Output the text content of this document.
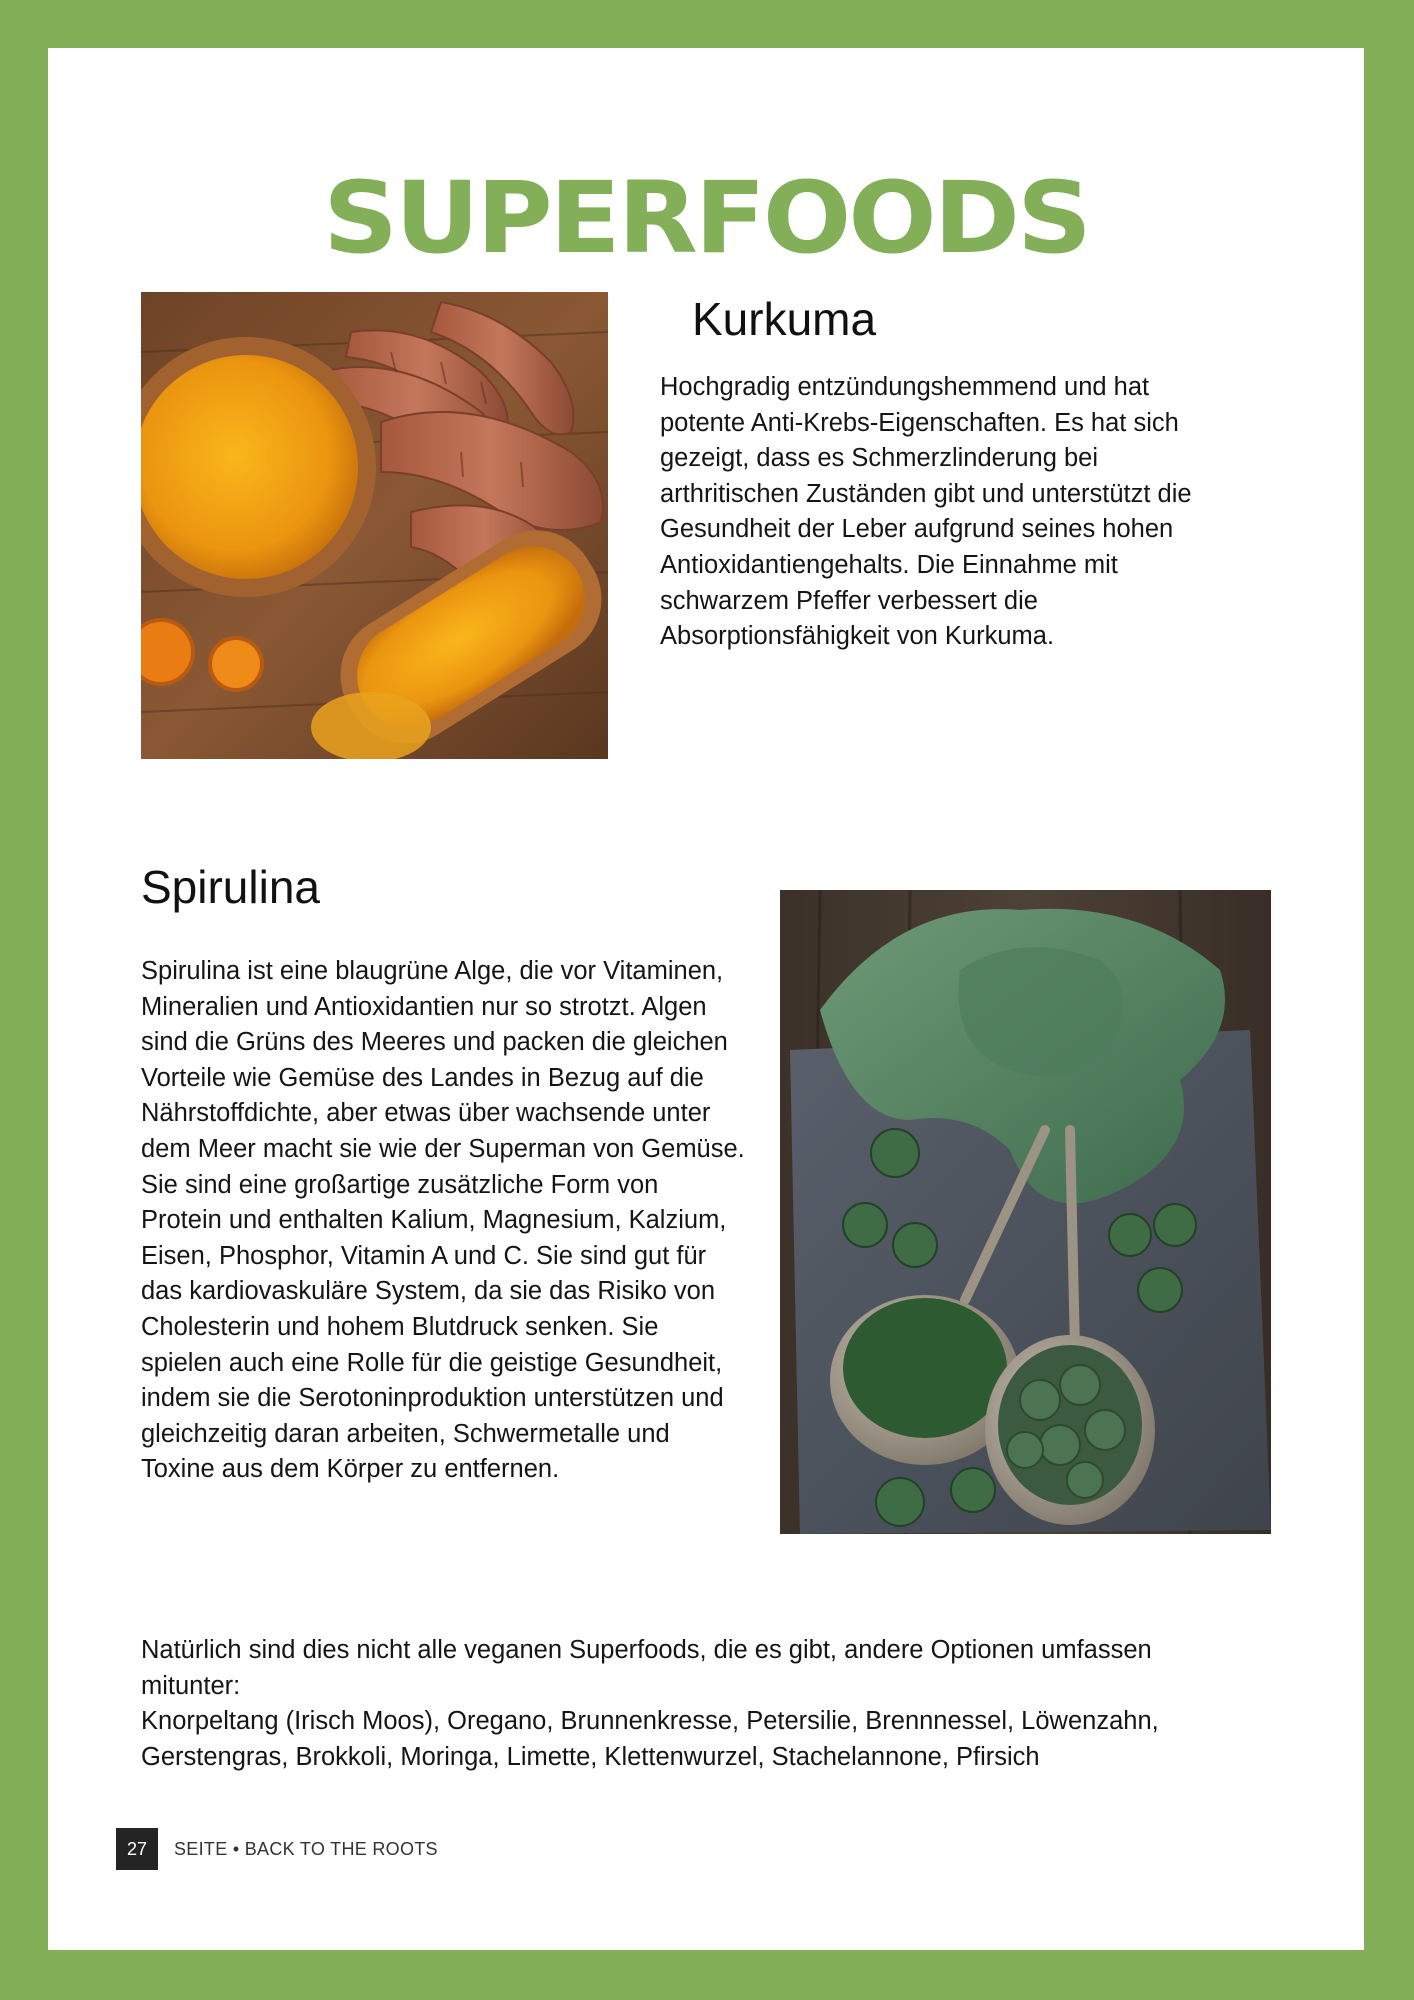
SUPERFOODS
Kurkuma
Hochgradig entzündungshemmend und hat
potente Anti-Krebs-Eigenschaften. Es hat sich
gezeigt, dass es Schmerzlinderung bei
arthritischen Zuständen gibt und unterstützt die
Gesundheit der Leber aufgrund seines hohen
Antioxidantiengehalts. Die Einnahme mit
schwarzem Pfeffer verbessert die
Absorptionsfähigkeit von Kurkuma.
Spirulina
Spirulina ist eine blaugrüne Alge, die vor Vitaminen,
Mineralien und Antioxidantien nur so strotzt. Algen
sind die Grüns des Meeres und packen die gleichen
Vorteile wie Gemüse des Landes in Bezug auf die
Nährstoffdichte, aber etwas über wachsende unter
dem Meer macht sie wie der Superman von Gemüse.
Sie sind eine großartige zusätzliche Form von
Protein und enthalten Kalium, Magnesium, Kalzium,
Eisen, Phosphor, Vitamin A und C. Sie sind gut für
das kardiovaskuläre System, da sie das Risiko von
Cholesterin und hohem Blutdruck senken. Sie
spielen auch eine Rolle für die geistige Gesundheit,
indem sie die Serotoninproduktion unterstützen und
gleichzeitig daran arbeiten, Schwermetalle und
Toxine aus dem Körper zu entfernen.
Natürlich sind dies nicht alle veganen Superfoods, die es gibt, andere Optionen umfassen
mitunter:
Knorpeltang (Irisch Moos), Oregano, Brunnenkresse, Petersilie, Brennnessel, Löwenzahn,
Gerstengras, Brokkoli, Moringa, Limette, Klettenwurzel, Stachelannone, Pfirsich
27	SEITE • BACK TO THE ROOTS
